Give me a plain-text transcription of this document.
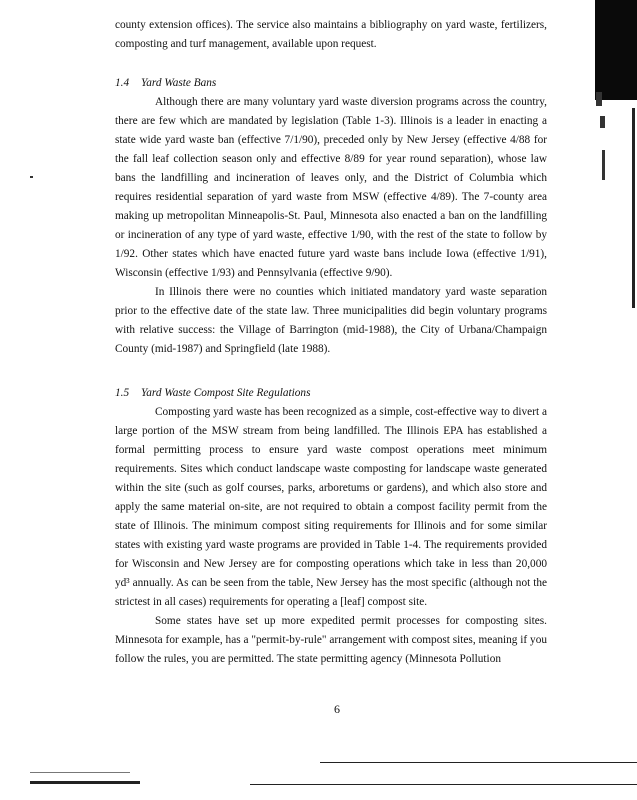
county extension offices). The service also maintains a bibliography on yard waste, fertilizers, composting and turf management, available upon request.

1.4 Yard Waste Bans

Although there are many voluntary yard waste diversion programs across the country, there are few which are mandated by legislation (Table 1-3). Illinois is a leader in enacting a state wide yard waste ban (effective 7/1/90), preceded only by New Jersey (effective 4/88 for the fall leaf collection season only and effective 8/89 for year round separation), whose law bans the landfilling and incineration of leaves only, and the District of Columbia which requires residential separation of yard waste from MSW (effective 4/89). The 7-county area making up metropolitan Minneapolis-St. Paul, Minnesota also enacted a ban on the landfilling or incineration of any type of yard waste, effective 1/90, with the rest of the state to follow by 1/92. Other states which have enacted future yard waste bans include Iowa (effective 1/91), Wisconsin (effective 1/93) and Pennsylvania (effective 9/90).

In Illinois there were no counties which initiated mandatory yard waste separation prior to the effective date of the state law. Three municipalities did begin voluntary programs with relative success: the Village of Barrington (mid-1988), the City of Urbana/Champaign County (mid-1987) and Springfield (late 1988).

1.5 Yard Waste Compost Site Regulations

Composting yard waste has been recognized as a simple, cost-effective way to divert a large portion of the MSW stream from being landfilled. The Illinois EPA has established a formal permitting process to ensure yard waste compost operations meet minimum requirements. Sites which conduct landscape waste composting for landscape waste generated within the site (such as golf courses, parks, arboretums or gardens), and which also store and apply the same material on-site, are not required to obtain a compost facility permit from the state of Illinois. The minimum compost siting requirements for Illinois and for some similar states with existing yard waste programs are provided in Table 1-4. The requirements provided for Wisconsin and New Jersey are for composting operations which take in less than 20,000 yd³ annually. As can be seen from the table, New Jersey has the most specific (although not the strictest in all cases) requirements for operating a [leaf] compost site.

Some states have set up more expedited permit processes for composting sites. Minnesota for example, has a "permit-by-rule" arrangement with compost sites, meaning if you follow the rules, you are permitted. The state permitting agency (Minnesota Pollution

6
